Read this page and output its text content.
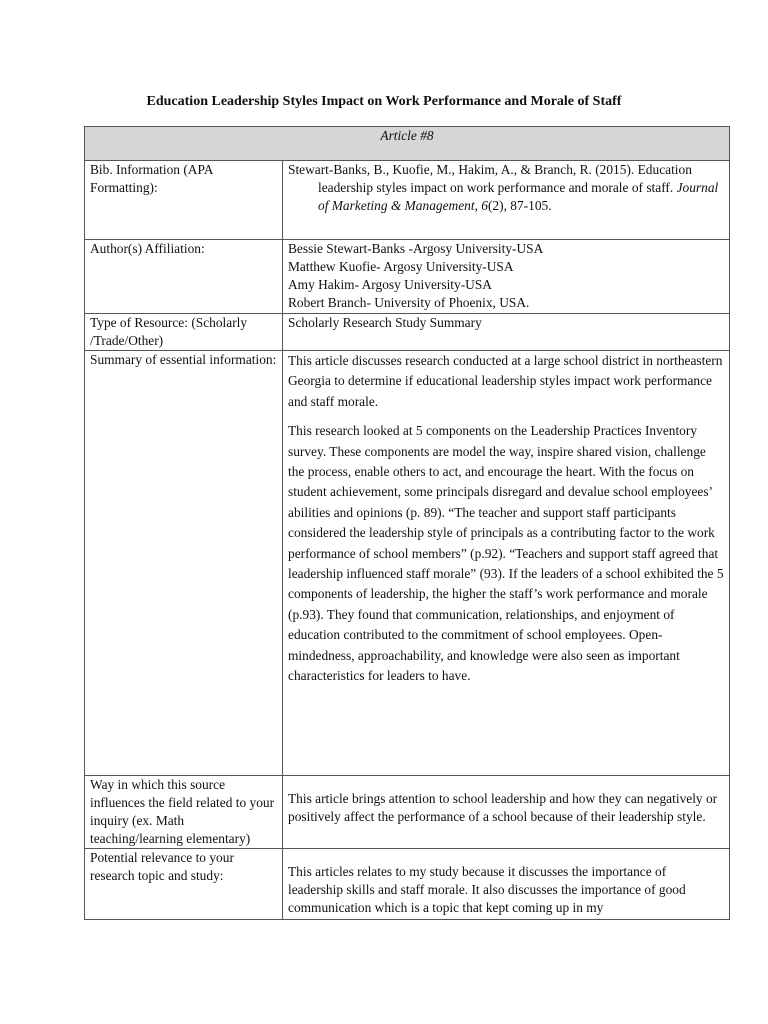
Education Leadership Styles Impact on Work Performance and Morale of Staff
Article #8	
Bib. Information (APA Formatting):	Stewart-Banks, B., Kuofie, M., Hakim, A., & Branch, R. (2015). Education leadership styles impact on work performance and morale of staff. Journal of Marketing & Management, 6(2), 87-105.

Author(s) Affiliation:	Bessie Stewart-Banks -Argosy University-USA
Matthew Kuofie- Argosy University-USA
Amy Hakim- Argosy University-USA
Robert Branch- University of Phoenix, USA.

Type of Resource: (Scholarly /Trade/Other)	Scholarly Research Study Summary
Summary of essential information:	This article discusses research conducted at a large school district in northeastern Georgia to determine if educational leadership styles impact work performance and staff morale.

This research looked at 5 components on the Leadership Practices Inventory survey. These components are model the way, inspire shared vision, challenge the process, enable others to act, and encourage the heart. With the focus on student achievement, some principals disregard and devalue school employees’ abilities and opinions (p. 89). “The teacher and support staff participants considered the leadership style of principals as a contributing factor to the work performance of school members” (p.92). “Teachers and support staff agreed that leadership influenced staff morale” (93). If the leaders of a school exhibited the 5 components of leadership, the higher the staff’s work performance and morale (p.93). They found that communication, relationships, and enjoyment of education contributed to the commitment of school employees. Open-mindedness, approachability, and knowledge were also seen as important characteristics for leaders to have.

Way in which this source influences the field related to your inquiry (ex. Math teaching/learning elementary)	This article brings attention to school leadership and how they can negatively or positively affect the performance of a school because of their leadership style.
Potential relevance to your research topic and study:	This articles relates to my study because it discusses the importance of leadership skills and staff morale. It also discusses the importance of good communication which is a topic that kept coming up in my
